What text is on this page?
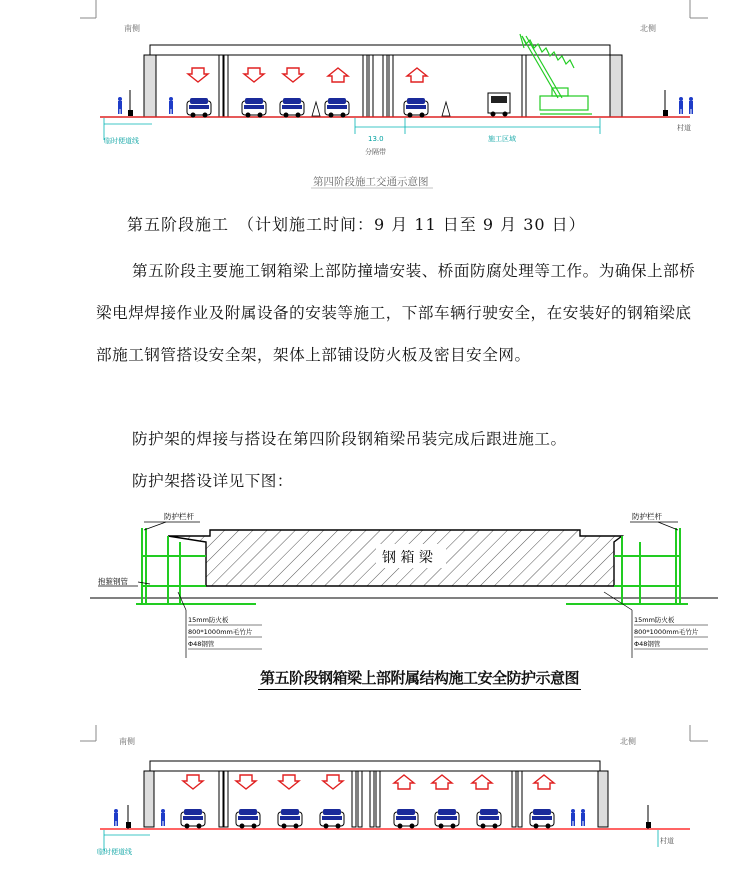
南侧	北侧
临时便道线	13.0
分隔带
施工区域
村道
第四阶段施工交通示意图
第五阶段施工　（计划施工时间：9 月 11 日至 9 月 30 日）
第五阶段主要施工钢箱梁上部防撞墙安装、桥面防腐处理等工作。为确保上部桥梁电焊焊接作业及附属设备的安装等施工，下部车辆行驶安全，在安装好的钢箱梁底部施工钢管搭设安全架，架体上部铺设防火板及密目安全网。
防护架的焊接与搭设在第四阶段钢箱梁吊装完成后跟进施工。
防护架搭设详见下图：
钢 箱 梁
防护栏杆	防护栏杆
抱箍钢管
15mm防火板
800*1000mm毛竹片
Φ48钢管
15mm防火板
800*1000mm毛竹片
Φ48钢管
第五阶段钢箱梁上部附属结构施工安全防护示意图
南侧	北侧
临时便道线
村道
